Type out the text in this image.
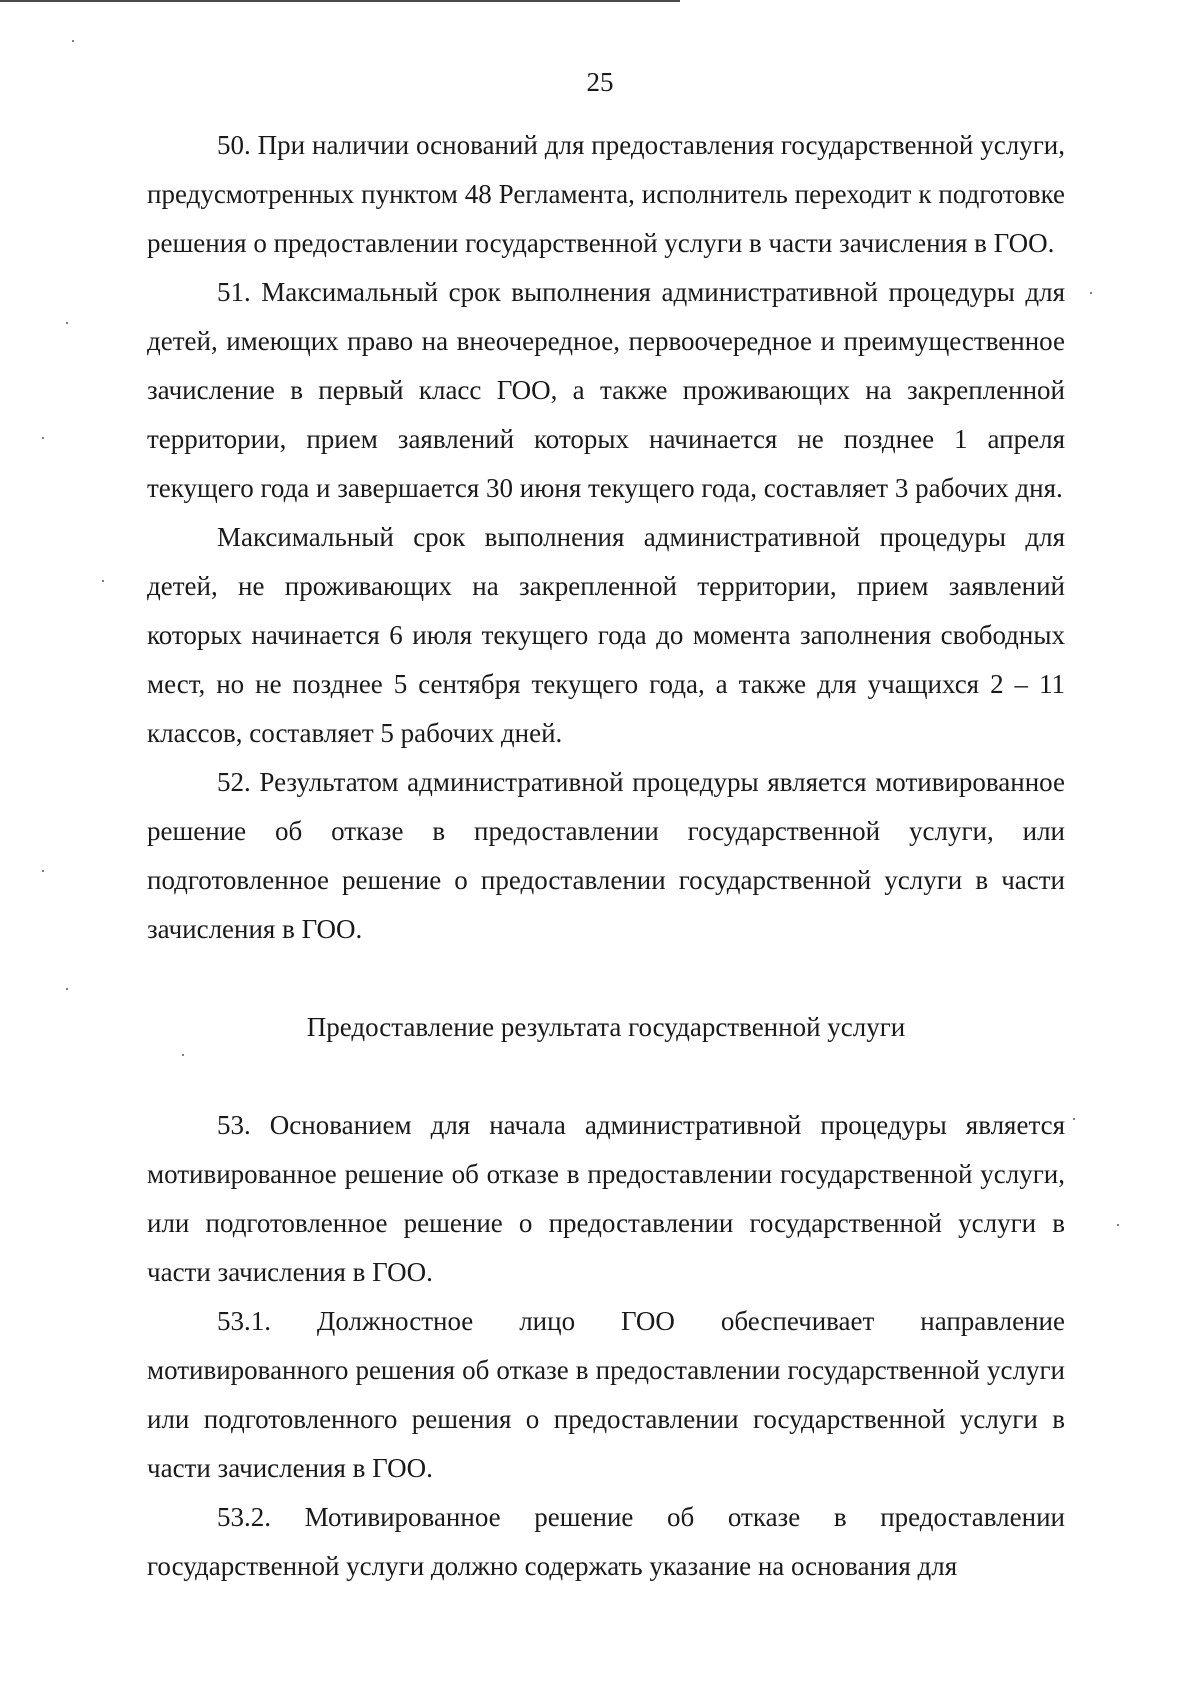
25

50. При наличии оснований для предоставления государственной услуги, предусмотренных пунктом 48 Регламента, исполнитель переходит к подготовке решения о предоставлении государственной услуги в части зачисления в ГОО.

51. Максимальный срок выполнения административной процедуры для детей, имеющих право на внеочередное, первоочередное и преимущественное зачисление в первый класс ГОО, а также проживающих на закрепленной территории, прием заявлений которых начинается не позднее 1 апреля текущего года и завершается 30 июня текущего года, составляет 3 рабочих дня.

Максимальный срок выполнения административной процедуры для детей, не проживающих на закрепленной территории, прием заявлений которых начинается 6 июля текущего года до момента заполнения свободных мест, но не позднее 5 сентября текущего года, а также для учащихся 2 – 11 классов, составляет 5 рабочих дней.

52. Результатом административной процедуры является мотивированное решение об отказе в предоставлении государственной услуги, или подготовленное решение о предоставлении государственной услуги в части зачисления в ГОО.

Предоставление результата государственной услуги

53. Основанием для начала административной процедуры является мотивированное решение об отказе в предоставлении государственной услуги, или подготовленное решение о предоставлении государственной услуги в части зачисления в ГОО.

53.1. Должностное лицо ГОО обеспечивает направление мотивированного решения об отказе в предоставлении государственной услуги или подготовленного решения о предоставлении государственной услуги в части зачисления в ГОО.

53.2. Мотивированное решение об отказе в предоставлении государственной услуги должно содержать указание на основания для
